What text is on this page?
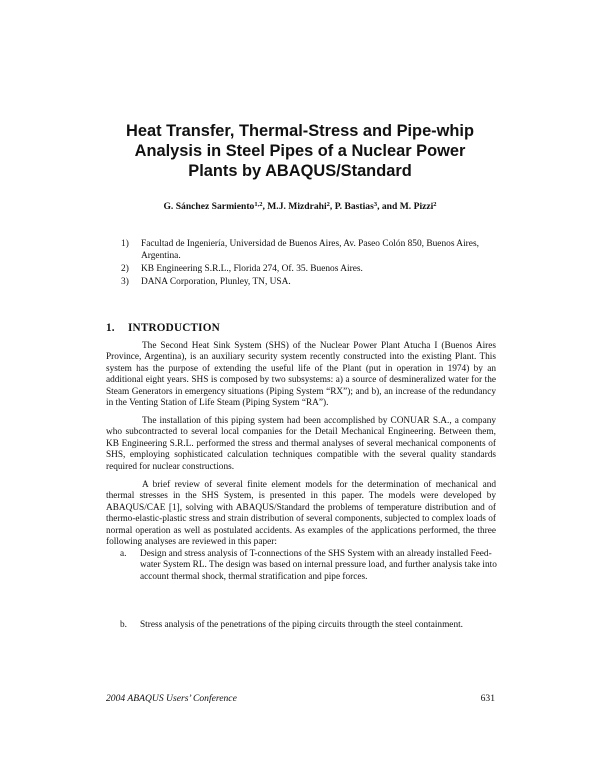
Heat Transfer, Thermal-Stress and Pipe-whip
Analysis in Steel Pipes of a Nuclear Power
Plants by ABAQUS/Standard
G. Sánchez Sarmiento$^{1,2}$, M.J. Mizdrahi$^2$, P. Bastias$^3$, and M. Pizzi$^2$
1) Facultad de Ingeniería, Universidad de Buenos Aires, Av. Paseo Colón 850, Buenos Aires, Argentina.
2) KB Engineering S.R.L., Florida 274, Of. 35. Buenos Aires.
3) DANA Corporation, Plunley, TN, USA.
1. INTRODUCTION

The Second Heat Sink System (SHS) of the Nuclear Power Plant Atucha I (Buenos Aires Province, Argentina), is an auxiliary security system recently constructed into the existing Plant. This system has the purpose of extending the useful life of the Plant (put in operation in 1974) by an additional eight years. SHS is composed by two subsystems: a) a source of desmineralized water for the Steam Generators in emergency situations (Piping System “RX”); and b), an increase of the redundancy in the Venting Station of Life Steam (Piping System “RA”).

The installation of this piping system had been accomplished by CONUAR S.A., a company who subcontracted to several local companies for the Detail Mechanical Engineering. Between them, KB Engineering S.R.L. performed the stress and thermal analyses of several mechanical components of SHS, employing sophisticated calculation techniques compatible with the several quality standards required for nuclear constructions.

A brief review of several finite element models for the determination of mechanical and thermal stresses in the SHS System, is presented in this paper. The models were developed by ABAQUS/CAE [1], solving with ABAQUS/Standard the problems of temperature distribution and of thermo-elastic-plastic stress and strain distribution of several components, subjected to complex loads of normal operation as well as postulated accidents. As examples of the applications performed, the three following analyses are reviewed in this paper:

a. Design and stress analysis of T-connections of the SHS System with an already installed Feed-water System RL. The design was based on internal pressure load, and further analysis take into account thermal shock, thermal stratification and pipe forces.
b. Stress analysis of the penetrations of the piping circuits througth the steel containment.
2004 ABAQUS Users’ Conference	631
